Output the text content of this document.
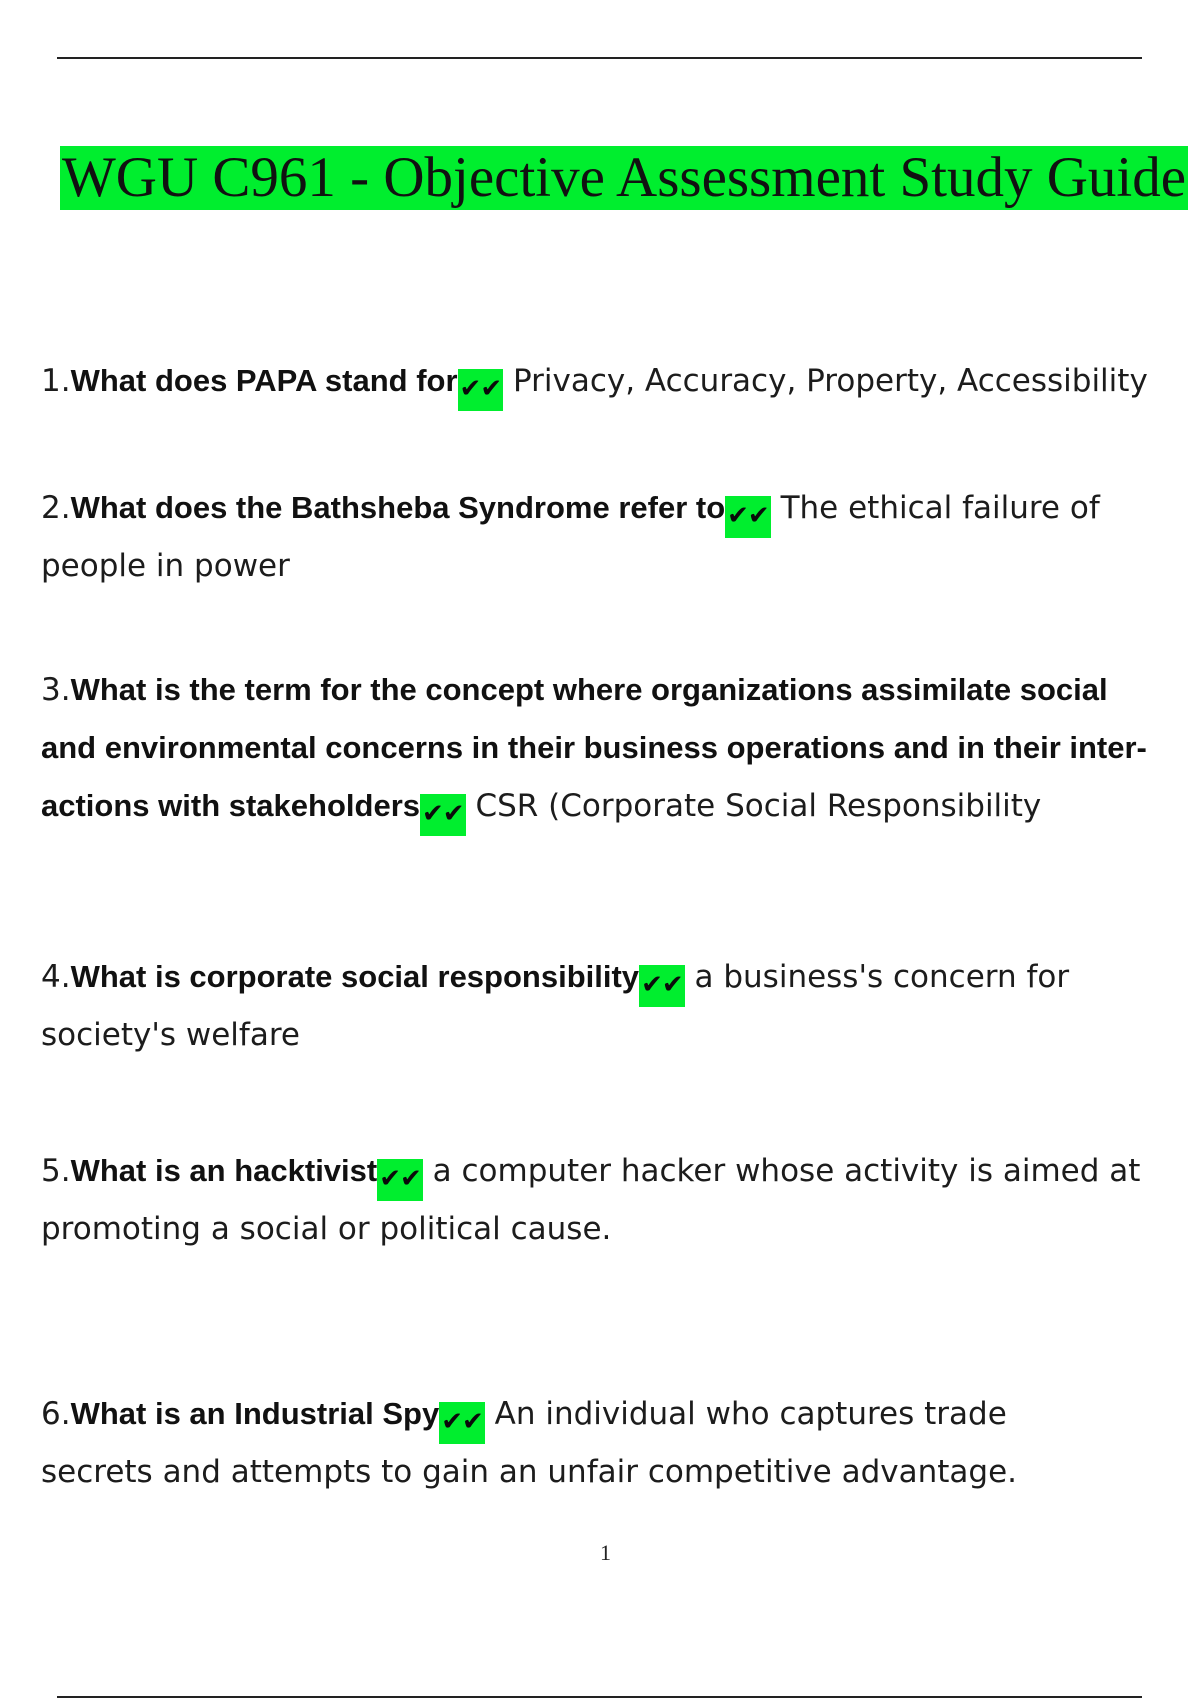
WGU C961 - Objective Assessment Study Guide
1.What does PAPA stand for✔✔ Privacy, Accuracy, Property, Accessibility
2.What does the Bathsheba Syndrome refer to✔✔ The ethical failure of people in power
3.What is the term for the concept where organizations assimilate social and environmental concerns in their business operations and in their inter- actions with stakeholders✔✔ CSR (Corporate Social Responsibility
4.What is corporate social responsibility✔✔ a business's concern for society's welfare
5.What is an hacktivist✔✔ a computer hacker whose activity is aimed at promoting a social or political cause.
6.What is an Industrial Spy✔✔ An individual who captures trade secrets and attempts to gain an unfair competitive advantage.
1
